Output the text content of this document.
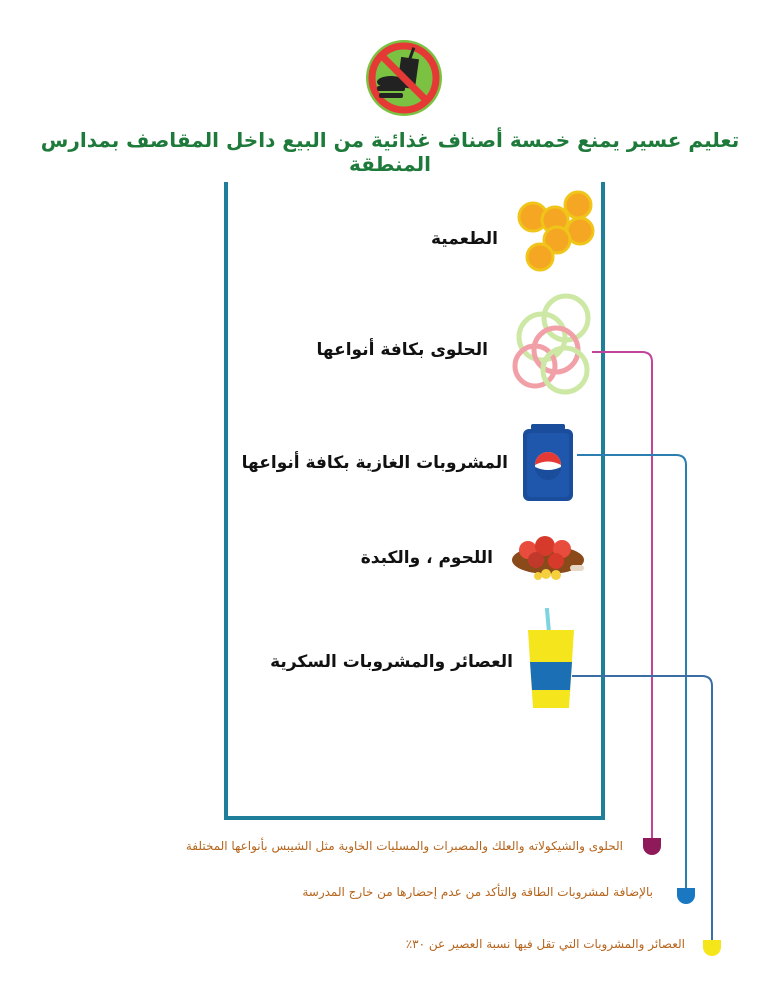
تعليم عسير يمنع خمسة أصناف غذائية من البيع داخل المقاصف بمدارس المنطقة
الطعمية
الحلوى بكافة أنواعها
المشروبات الغازية بكافة أنواعها
اللحوم ، والكبدة
العصائر والمشروبات السكرية
الحلوى والشيكولاته والعلك والمصبرات والمسليات الخاوية مثل الشيبس بأنواعها المختلفة
بالإضافة لمشروبات الطاقة والتأكد من عدم إحضارها من خارج المدرسة
العصائر والمشروبات التي تقل فيها نسبة العصير عن ٣٠٪
